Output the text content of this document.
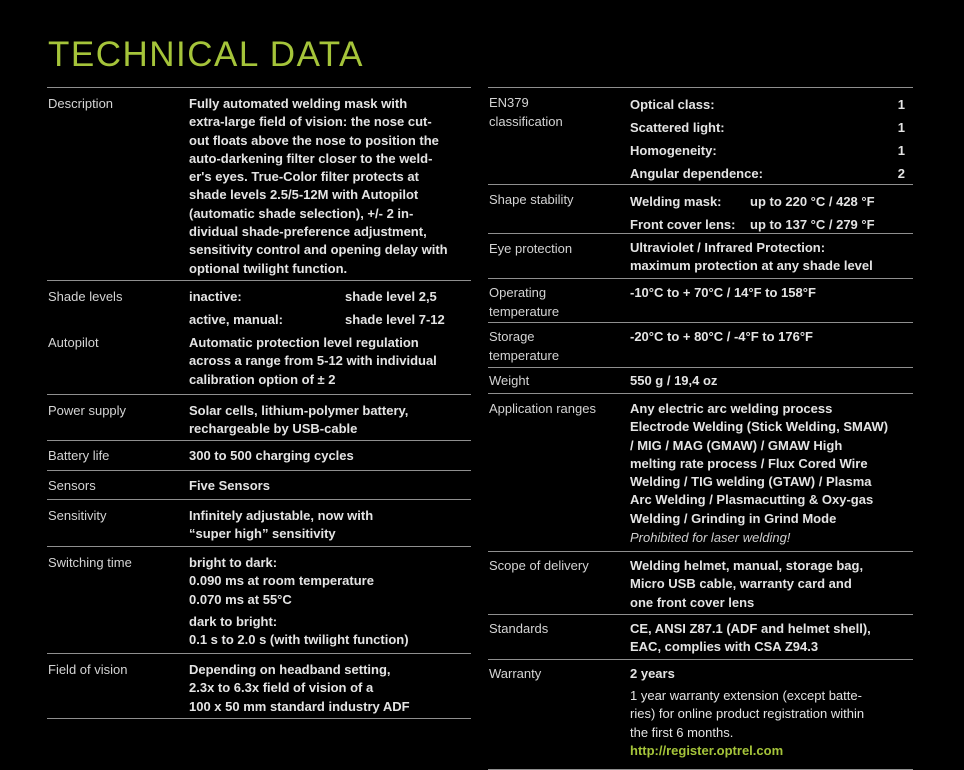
TECHNICAL DATA
Description	Fully automated welding mask with
extra-large field of vision: the nose cut-
out floats above the nose to position the
auto-darkening filter closer to the weld-
er's eyes. True-Color filter protects at
shade levels 2.5/5-12M with Autopilot
(automatic shade selection), +/- 2 in-
dividual shade-preference adjustment,
sensitivity control and opening delay with
optional twilight function.
Shade levels	inactive:	shade level 2,5
active, manual:	shade level 7-12
Autopilot	Automatic protection level regulation
across a range from 5-12 with individual
calibration option of ± 2
Power supply	Solar cells, lithium-polymer battery,
rechargeable by USB-cable
Battery life	300 to 500 charging cycles
Sensors	Five Sensors
Sensitivity	Infinitely adjustable, now with
“super high” sensitivity
Switching time	bright to dark:
0.090 ms at room temperature
0.070 ms at 55°C
dark to bright:
0.1 s to 2.0 s (with twilight function)
Field of vision	Depending on headband setting,
2.3x to 6.3x field of vision of a
100 x 50 mm standard industry ADF
EN379
classification
Optical class:	1
Scattered light:	1
Homogeneity:	1
Angular dependence:	2
Shape stability	Welding mask: up to 220 °C / 428 °F
Front cover lens: up to 137 °C / 279 °F
Eye protection	Ultraviolet / Infrared Protection:
maximum protection at any shade level
Operating
temperature
-10°C to + 70°C / 14°F to 158°F
Storage
temperature
-20°C to + 80°C / -4°F to 176°F
Weight	550 g / 19,4 oz
Application ranges	Any electric arc welding process
Electrode Welding (Stick Welding, SMAW)
/ MIG / MAG (GMAW) / GMAW High
melting rate process / Flux Cored Wire
Welding / TIG welding (GTAW) / Plasma
Arc Welding / Plasmacutting & Oxy-gas
Welding / Grinding in Grind Mode
Prohibited for laser welding!
Scope of delivery	Welding helmet, manual, storage bag,
Micro USB cable, warranty card and
one front cover lens
Standards	CE, ANSI Z87.1 (ADF and helmet shell),
EAC, complies with CSA Z94.3
Warranty	2 years
1 year warranty extension (except batte-
ries) for online product registration within
the first 6 months.
http://register.optrel.com
